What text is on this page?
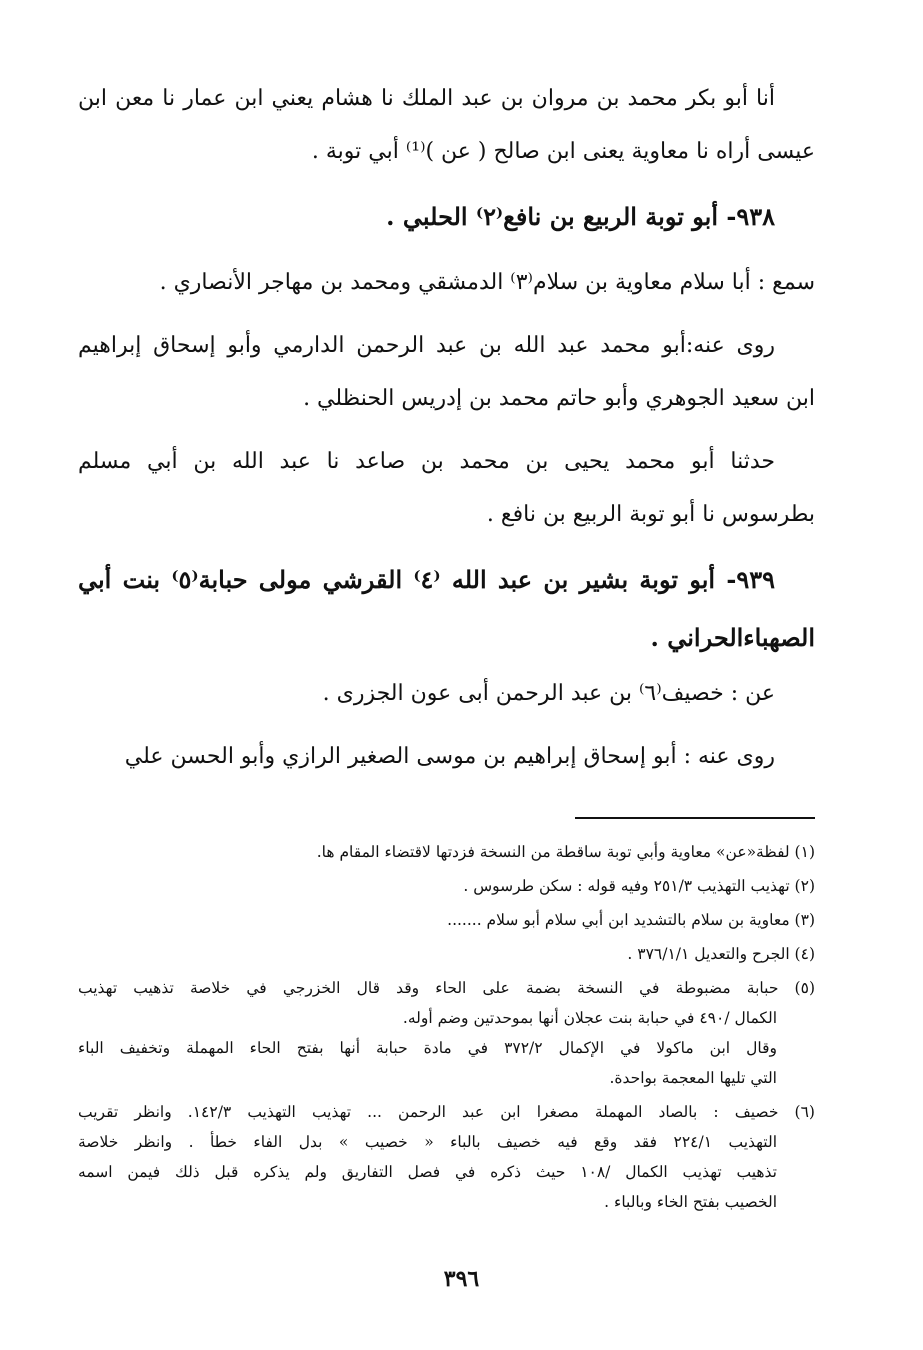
أنا أبو بكر محمد بن مروان بن عبد الملك نا هشام يعني ابن عمار نا معن ابن
عيسى أراه نا معاوية يعنى ابن صالح ( عن )⁽¹⁾ أبي توبة .
٩٣٨- أبو توبة الربيع بن نافع⁽٢⁾ الحلبي .
سمع : أبا سلام معاوية بن سلام⁽٣⁾ الدمشقي ومحمد بن مهاجر الأنصاري .
روى عنه:أبو محمد عبد الله بن عبد الرحمن الدارمي وأبو إسحاق إبراهيم
ابن سعيد الجوهري وأبو حاتم محمد بن إدريس الحنظلي .
حدثنا أبو محمد يحيى بن محمد بن صاعد نا عبد الله بن أبي مسلم
بطرسوس نا أبو توبة الربيع بن نافع .
٩٣٩- أبو توبة بشير بن عبد الله ⁽٤⁾ القرشي مولى حبابة⁽٥⁾ بنت أبي
الصهباءالحراني .
عن : خصيف⁽٦⁾ بن عبد الرحمن أبى عون الجزرى .
روى عنه : أبو إسحاق إبراهيم بن موسى الصغير الرازي وأبو الحسن علي
(١) لفظة«عن» معاوية وأبي توبة ساقطة من النسخة فزدتها لاقتضاء المقام ها.
(٢) تهذيب التهذيب ٢٥١/٣ وفيه قوله : سكن طرسوس .
(٣) معاوية بن سلام بالتشديد ابن أبي سلام أبو سلام .......
(٤) الجرح والتعديل ٣٧٦/١/١ .
(٥) حبابة مضبوطة في النسخة بضمة على الحاء وقد قال الخزرجي في خلاصة تذهيب تهذيب
الكمال /٤٩٠ في حبابة بنت عجلان أنها بموحدتين وضم أوله.
وقال ابن ماكولا في الإكمال ٣٧٢/٢ في مادة حبابة أنها بفتح الحاء المهملة وتخفيف الباء
التي تليها المعجمة بواحدة.
(٦) خصيف : بالصاد المهملة مصغرا ابن عبد الرحمن ... تهذيب التهذيب ١٤٢/٣. وانظر تقريب
التهذيب ٢٢٤/١ فقد وقع فيه خصيف بالباء « خصيب » بدل الفاء خطأ . وانظر خلاصة
تذهيب تهذيب الكمال /١٠٨ حيث ذكره في فصل التفاريق ولم يذكره قبل ذلك فيمن اسمه
الخصيب بفتح الخاء وبالباء .
٣٩٦
